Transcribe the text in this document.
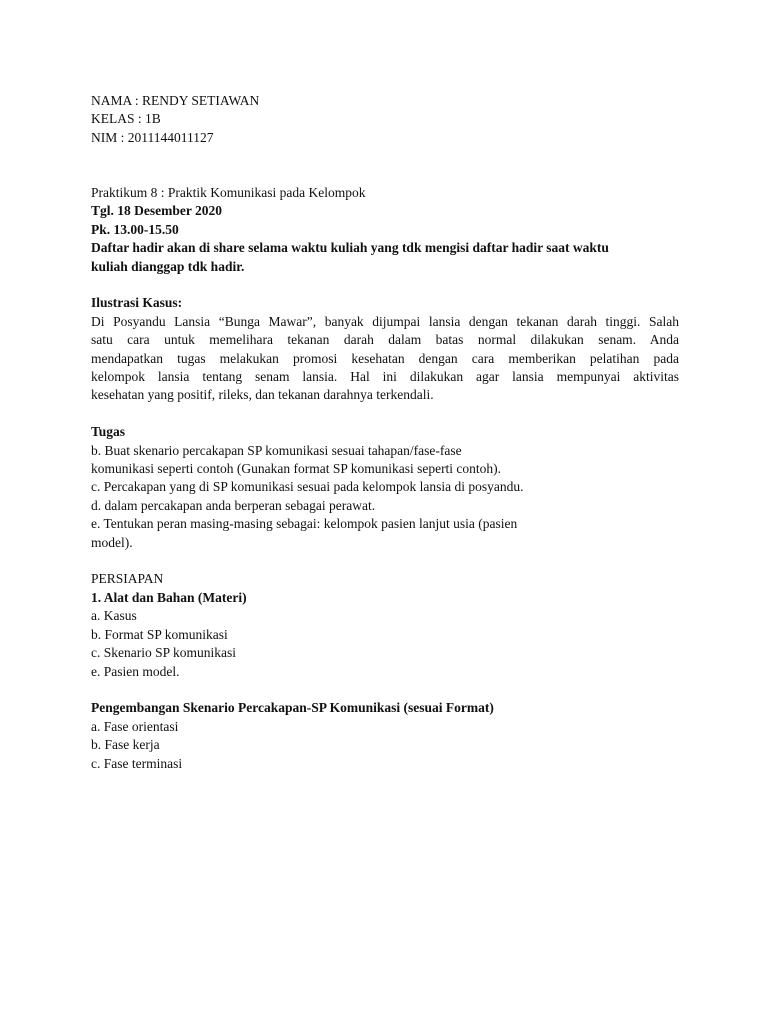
NAMA : RENDY SETIAWAN
KELAS : 1B
NIM : 2011144011127
Praktikum 8 : Praktik Komunikasi pada Kelompok
Tgl. 18 Desember 2020
Pk. 13.00-15.50
Daftar hadir akan di share selama waktu kuliah yang tdk mengisi daftar hadir saat waktu
kuliah dianggap tdk hadir.
Ilustrasi Kasus:
Di Posyandu Lansia “Bunga Mawar”, banyak dijumpai lansia dengan tekanan darah tinggi. Salah
satu cara untuk memelihara tekanan darah dalam batas normal dilakukan senam. Anda
mendapatkan tugas melakukan promosi kesehatan dengan cara memberikan pelatihan pada
kelompok lansia tentang senam lansia. Hal ini dilakukan agar lansia mempunyai aktivitas
kesehatan yang positif, rileks, dan tekanan darahnya terkendali.
Tugas
b. Buat skenario percakapan SP komunikasi sesuai tahapan/fase-fase
komunikasi seperti contoh (Gunakan format SP komunikasi seperti contoh).
c. Percakapan yang di SP komunikasi sesuai pada kelompok lansia di posyandu.
d. dalam percakapan anda berperan sebagai perawat.
e. Tentukan peran masing-masing sebagai: kelompok pasien lanjut usia (pasien
model).
PERSIAPAN
1. Alat dan Bahan (Materi)
a. Kasus
b. Format SP komunikasi
c. Skenario SP komunikasi
e. Pasien model.
Pengembangan Skenario Percakapan-SP Komunikasi (sesuai Format)
a. Fase orientasi
b. Fase kerja
c. Fase terminasi
